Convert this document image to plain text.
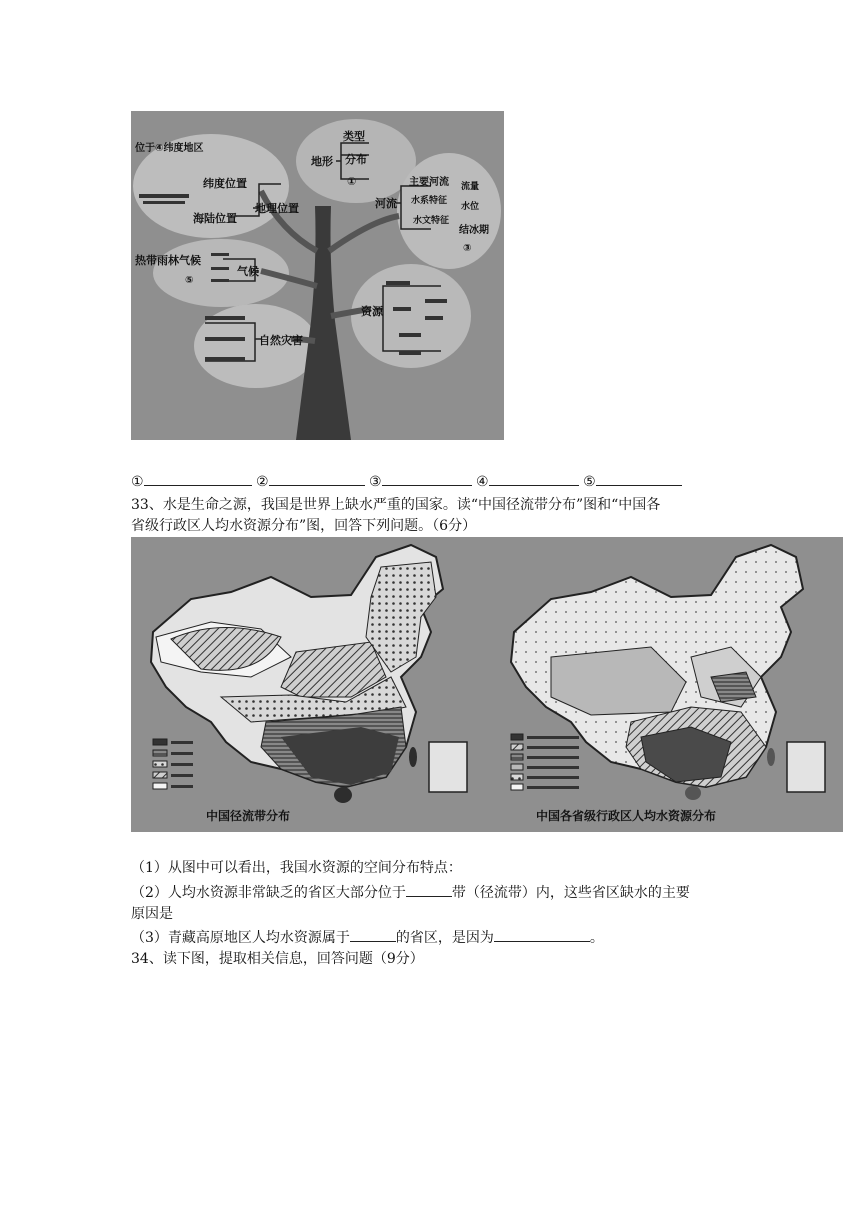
地形
类型
分布
①
位于④纬度地区
纬度位置
海陆位置
地理位置	河流
主要河流
水系特征
水文特征
流量
水位
结冰期
③
热带雨林气候
⑤
气候
资源
自然灾害
①	②	③	④	⑤
33、水是生命之源，我国是世界上缺水严重的国家。读“中国径流带分布”图和“中国各
省级行政区人均水资源分布”图，回答下列问题。（6分）
中国径流带分布	中国各省级行政区人均水资源分布
（1）从图中可以看出，我国水资源的空间分布特点：
（2）人均水资源非常缺乏的省区大部分位于	带（径流带）内，这些省区缺水的主要
原因是
（3）青藏高原地区人均水资源属于	的省区，是因为	。
34、读下图，提取相关信息，回答问题（9分）
